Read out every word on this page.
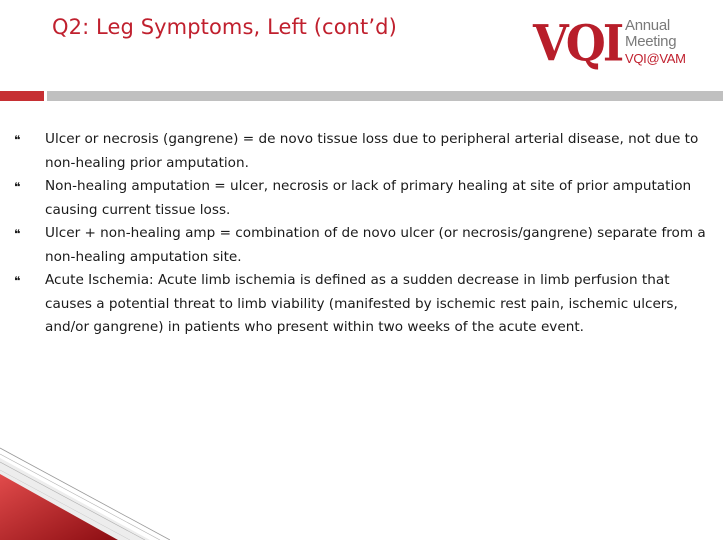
Q2: Leg Symptoms, Left (cont’d)	VQI Annual
Meeting
VQI@VAM
❝ Ulcer or necrosis (gangrene) = de novo tissue loss due to peripheral arterial disease, not due to non-healing prior amputation.
❝ Non-healing amputation = ulcer, necrosis or lack of primary healing at site of prior amputation causing current tissue loss.
❝ Ulcer + non-healing amp = combination of de novo ulcer (or necrosis/gangrene) separate from a non-healing amputation site.
❝ Acute Ischemia: Acute limb ischemia is defined as a sudden decrease in limb perfusion that causes a potential threat to limb viability (manifested by ischemic rest pain, ischemic ulcers, and/or gangrene) in patients who present within two weeks of the acute event.
